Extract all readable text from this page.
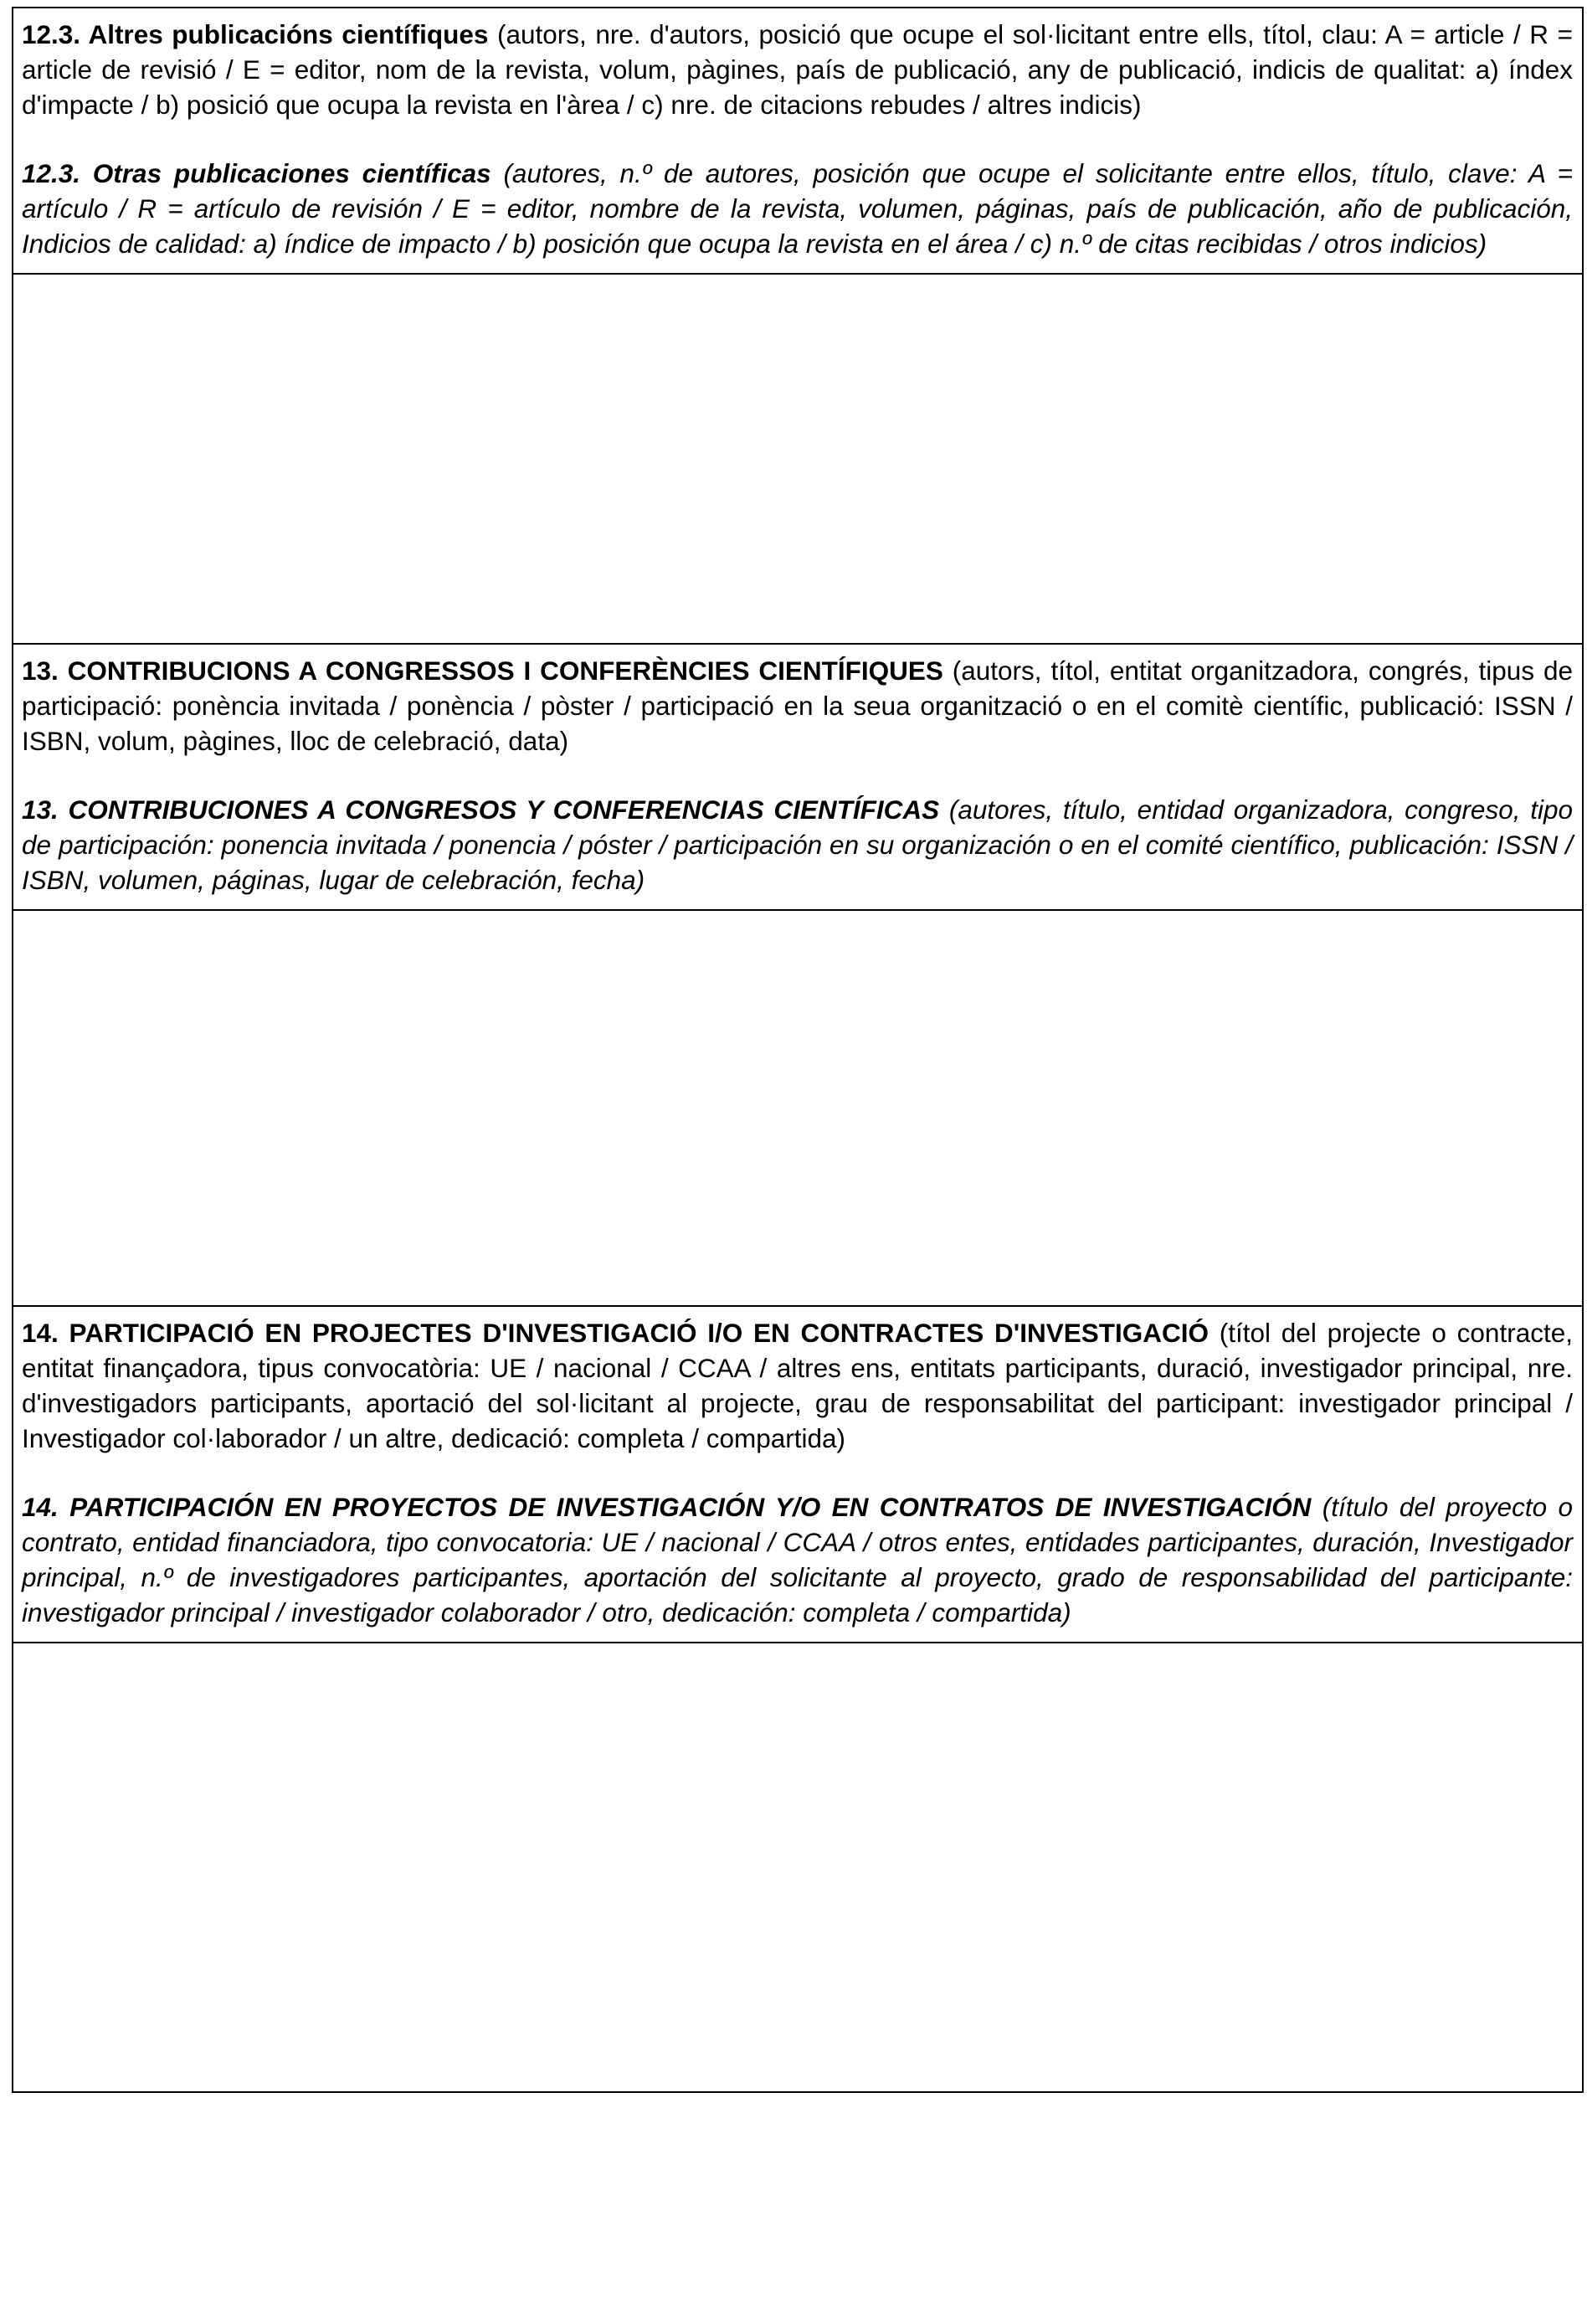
12.3. Altres publicacións científiques (autors, nre. d'autors, posició que ocupe el sol·licitant entre ells, títol, clau: A = article / R = article de revisió / E = editor, nom de la revista, volum, pàgines, país de publicació, any de publicació, indicis de qualitat: a) índex d'impacte / b) posició que ocupa la revista en l'àrea / c) nre. de citacions rebudes / altres indicis)

12.3. Otras publicaciones científicas (autores, n.º de autores, posición que ocupe el solicitante entre ellos, título, clave: A = artículo / R = artículo de revisión / E = editor, nombre de la revista, volumen, páginas, país de publicación, año de publicación, Indicios de calidad: a) índice de impacto / b) posición que ocupa la revista en el área / c) n.º de citas recibidas / otros indicios)

13. CONTRIBUCIONS A CONGRESSOS I CONFERÈNCIES CIENTÍFIQUES (autors, títol, entitat organitzadora, congrés, tipus de participació: ponència invitada / ponència / pòster / participació en la seua organització o en el comitè científic, publicació: ISSN / ISBN, volum, pàgines, lloc de celebració, data)

13. CONTRIBUCIONES A CONGRESOS Y CONFERENCIAS CIENTÍFICAS (autores, título, entidad organizadora, congreso, tipo de participación: ponencia invitada / ponencia / póster / participación en su organización o en el comité científico, publicación: ISSN / ISBN, volumen, páginas, lugar de celebración, fecha)

14. PARTICIPACIÓ EN PROJECTES D'INVESTIGACIÓ I/O EN CONTRACTES D'INVESTIGACIÓ (títol del projecte o contracte, entitat finançadora, tipus convocatòria: UE / nacional / CCAA / altres ens, entitats participants, duració, investigador principal, nre. d'investigadors participants, aportació del sol·licitant al projecte, grau de responsabilitat del participant: investigador principal / Investigador col·laborador / un altre, dedicació: completa / compartida)

14. PARTICIPACIÓN EN PROYECTOS DE INVESTIGACIÓN Y/O EN CONTRATOS DE INVESTIGACIÓN (título del proyecto o contrato, entidad financiadora, tipo convocatoria: UE / nacional / CCAA / otros entes, entidades participantes, duración, Investigador principal, n.º de investigadores participantes, aportación del solicitante al proyecto, grado de responsabilidad del participante: investigador principal / investigador colaborador / otro, dedicación: completa / compartida)
